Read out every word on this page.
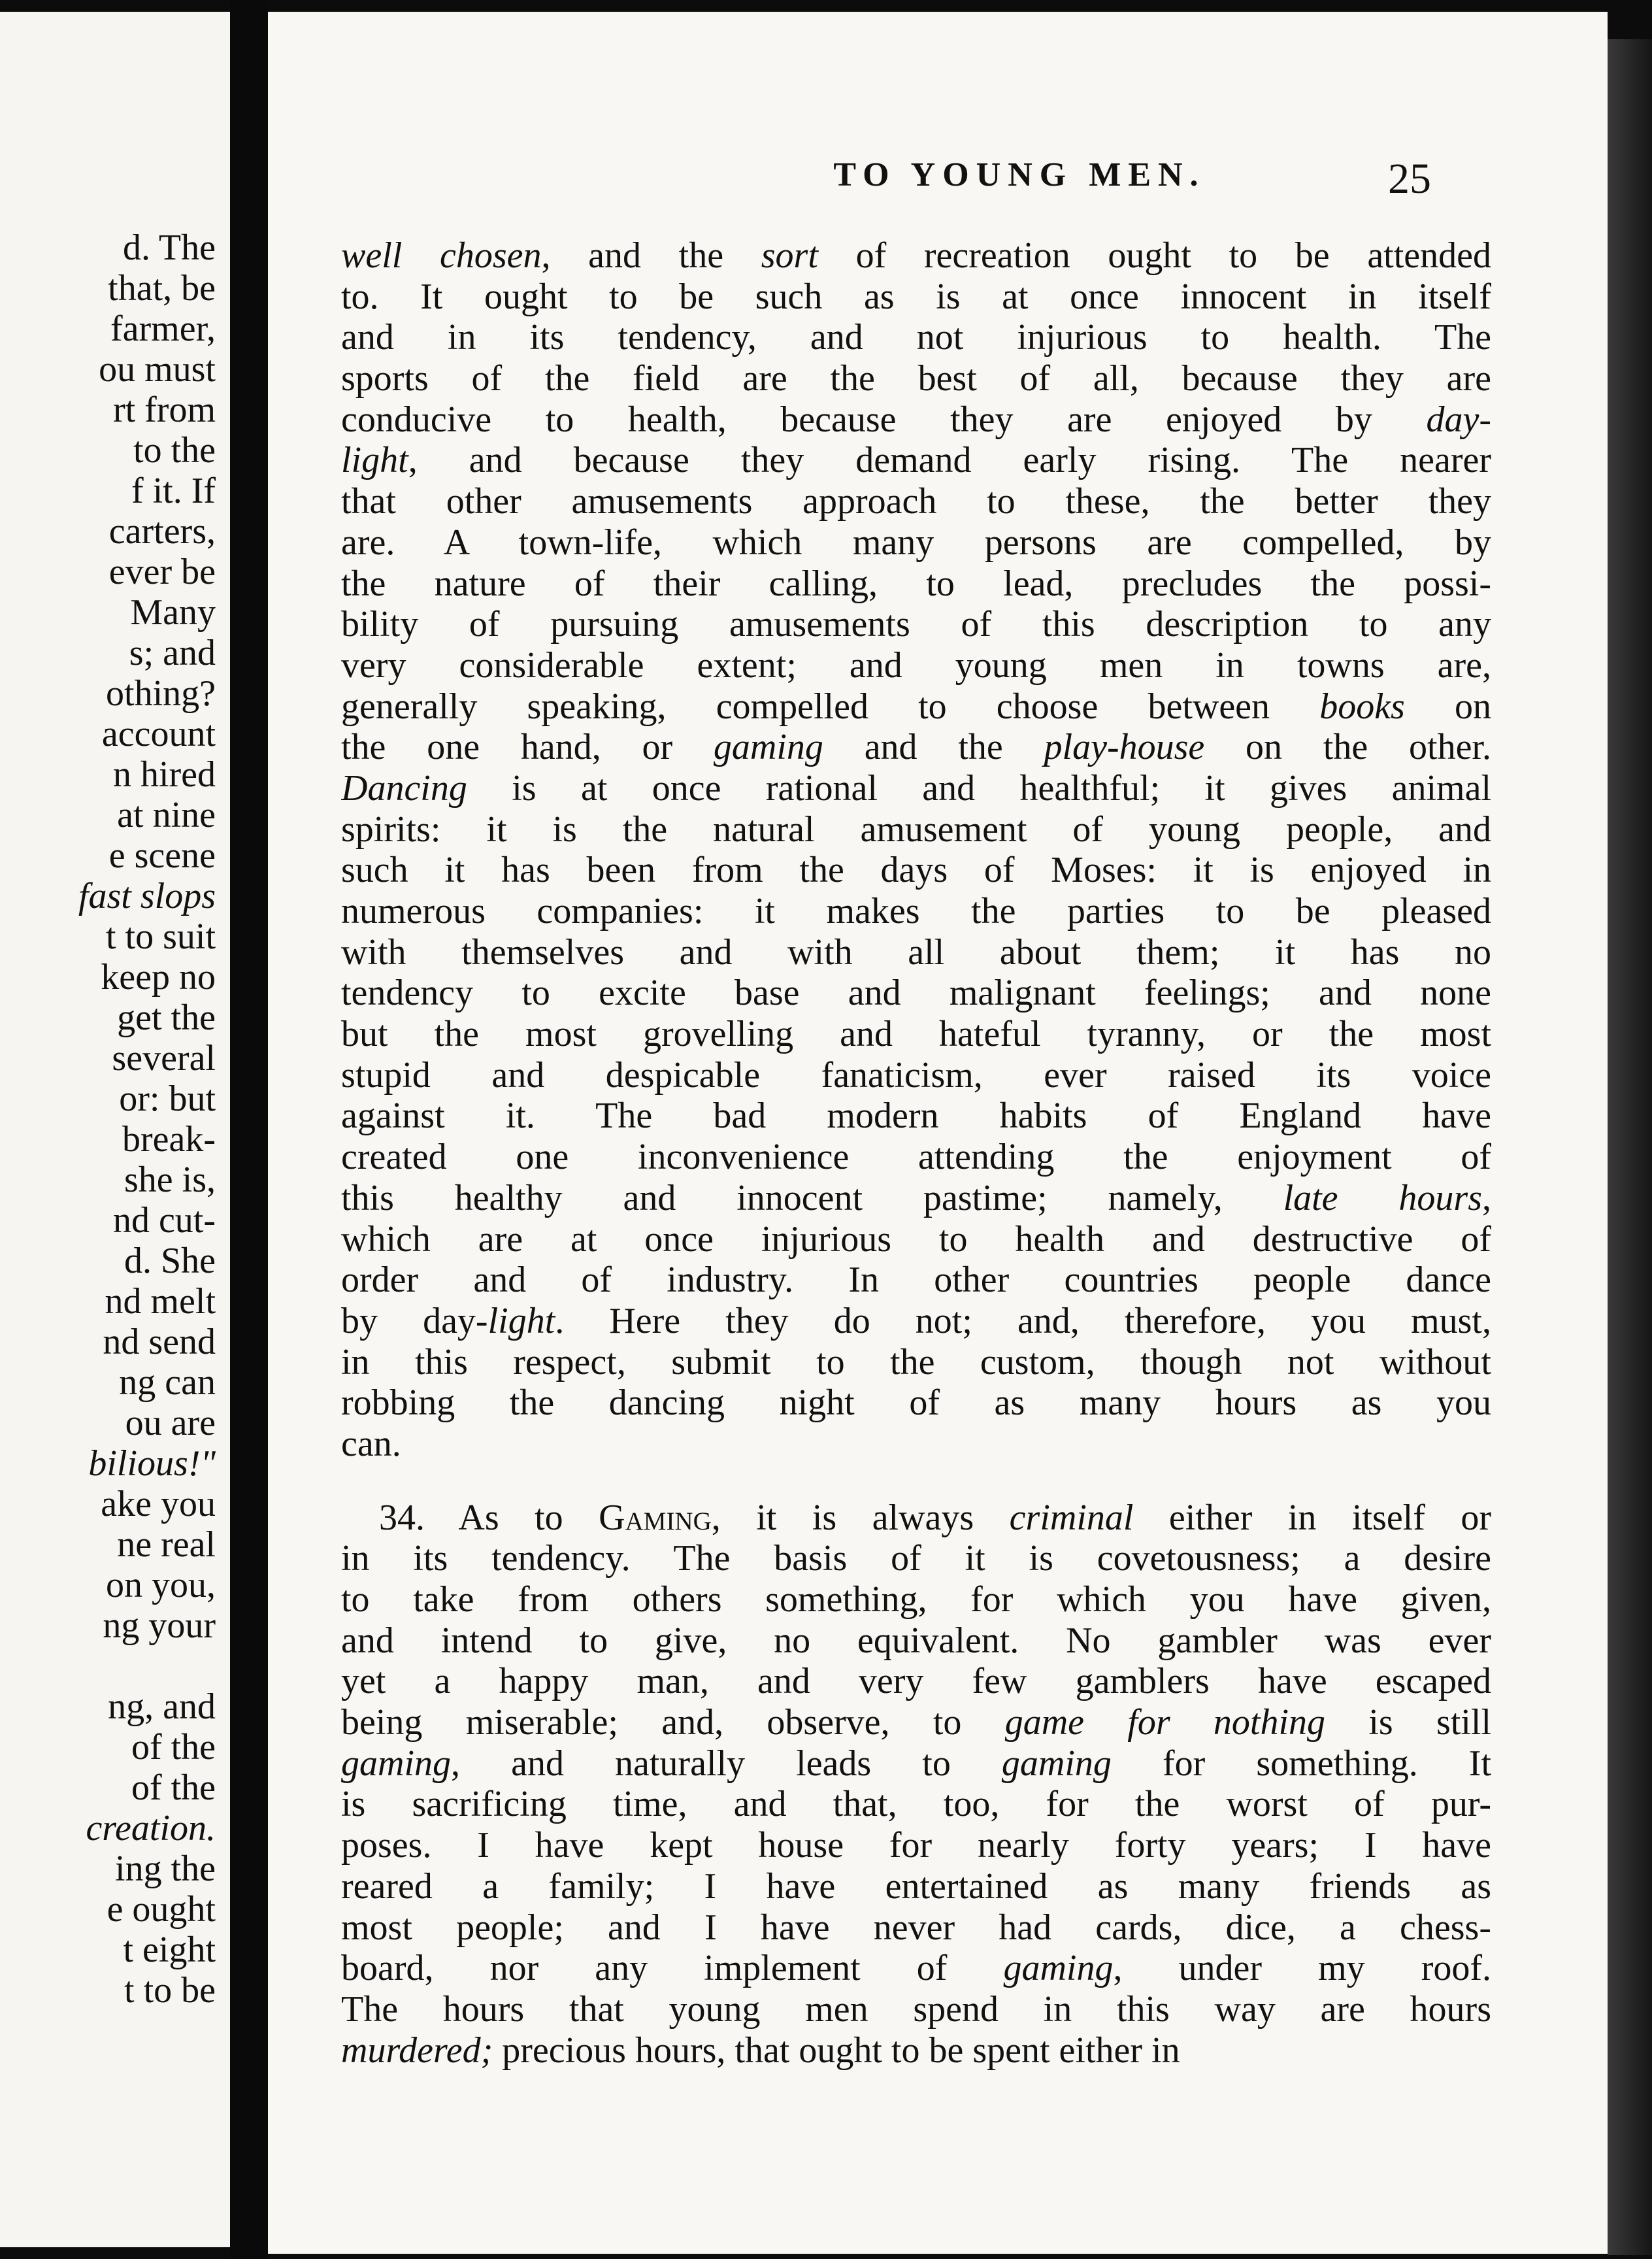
d. The
that, be
farmer,
ou must
rt from
to the
f it. If
carters,
ever be
Many
s; and
othing?
account
n hired
at nine
e scene
fast slops
t to suit
keep no
get the
several
or: but
break-
she is,
nd cut-
d. She
nd melt
nd send
ng can
ou are
bilious!"
ake you
ne real
on you,
ng your
ng, and
of the
of the
creation.
ing the
e ought
t eight
t to be
TO YOUNG MEN.	25
well chosen, and the sort of recreation ought to be attended
to. It ought to be such as is at once innocent in itself
and in its tendency, and not injurious to health. The
sports of the field are the best of all, because they are
conducive to health, because they are enjoyed by day-
light, and because they demand early rising. The nearer
that other amusements approach to these, the better they
are. A town-life, which many persons are compelled, by
the nature of their calling, to lead, precludes the possi-
bility of pursuing amusements of this description to any
very considerable extent; and young men in towns are,
generally speaking, compelled to choose between books on
the one hand, or gaming and the play-house on the other.
Dancing is at once rational and healthful; it gives animal
spirits: it is the natural amusement of young people, and
such it has been from the days of Moses: it is enjoyed in
numerous companies: it makes the parties to be pleased
with themselves and with all about them; it has no
tendency to excite base and malignant feelings; and none
but the most grovelling and hateful tyranny, or the most
stupid and despicable fanaticism, ever raised its voice
against it. The bad modern habits of England have
created one inconvenience attending the enjoyment of
this healthy and innocent pastime; namely, late hours,
which are at once injurious to health and destructive of
order and of industry. In other countries people dance
by day-light. Here they do not; and, therefore, you must,
in this respect, submit to the custom, though not without
robbing the dancing night of as many hours as you
can.
34. As to Gaming, it is always criminal either in itself or
in its tendency. The basis of it is covetousness; a desire
to take from others something, for which you have given,
and intend to give, no equivalent. No gambler was ever
yet a happy man, and very few gamblers have escaped
being miserable; and, observe, to game for nothing is still
gaming, and naturally leads to gaming for something. It
is sacrificing time, and that, too, for the worst of pur-
poses. I have kept house for nearly forty years; I have
reared a family; I have entertained as many friends as
most people; and I have never had cards, dice, a chess-
board, nor any implement of gaming, under my roof.
The hours that young men spend in this way are hours
murdered; precious hours, that ought to be spent either in
